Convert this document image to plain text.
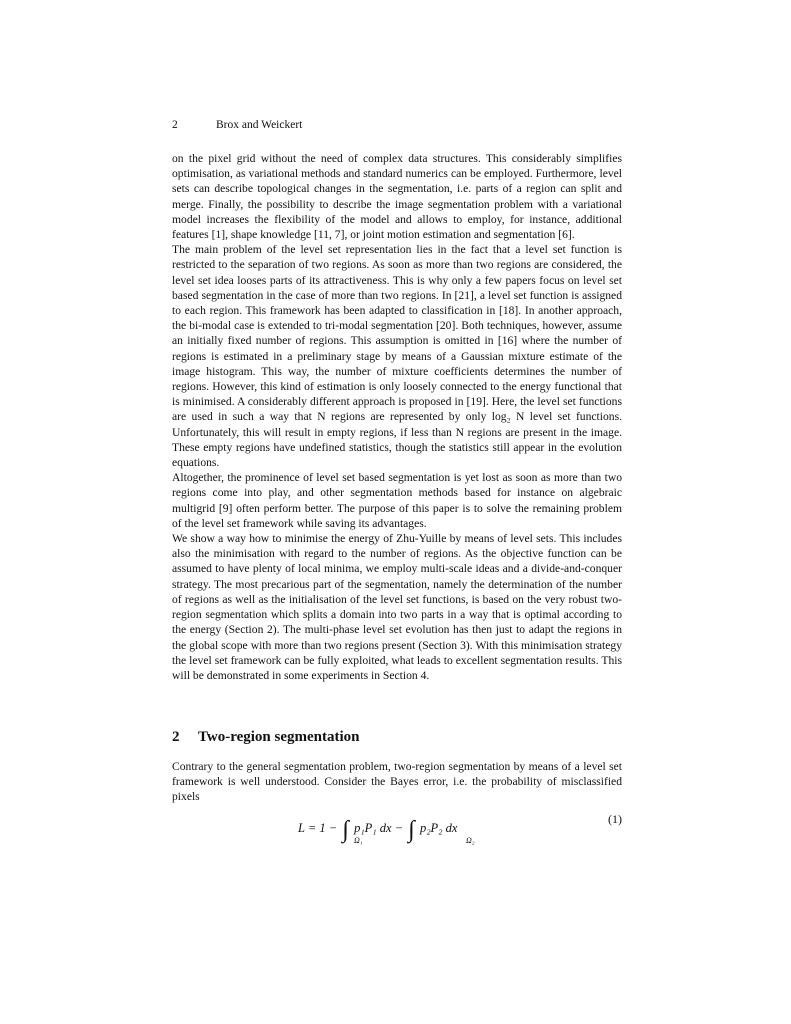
2	Brox and Weickert

on the pixel grid without the need of complex data structures. This considerably simplifies optimisation, as variational methods and standard numerics can be employed. Furthermore, level sets can describe topological changes in the segmentation, i.e. parts of a region can split and merge. Finally, the possibility to describe the image segmentation problem with a variational model increases the flexibility of the model and allows to employ, for instance, additional features [1], shape knowledge [11, 7], or joint motion estimation and segmentation [6].

The main problem of the level set representation lies in the fact that a level set function is restricted to the separation of two regions. As soon as more than two regions are considered, the level set idea looses parts of its attractiveness. This is why only a few papers focus on level set based segmentation in the case of more than two regions. In [21], a level set function is assigned to each region. This framework has been adapted to classification in [18]. In another approach, the bi-modal case is extended to tri-modal segmentation [20]. Both techniques, however, assume an initially fixed number of regions. This assumption is omitted in [16] where the number of regions is estimated in a preliminary stage by means of a Gaussian mixture estimate of the image histogram. This way, the number of mixture coefficients determines the number of regions. However, this kind of estimation is only loosely connected to the energy functional that is minimised. A considerably different approach is proposed in [19]. Here, the level set functions are used in such a way that N regions are represented by only log₂ N level set functions. Unfortunately, this will result in empty regions, if less than N regions are present in the image. These empty regions have undefined statistics, though the statistics still appear in the evolution equations.

Altogether, the prominence of level set based segmentation is yet lost as soon as more than two regions come into play, and other segmentation methods based for instance on algebraic multigrid [9] often perform better. The purpose of this paper is to solve the remaining problem of the level set framework while saving its advantages.

We show a way how to minimise the energy of Zhu-Yuille by means of level sets. This includes also the minimisation with regard to the number of regions. As the objective function can be assumed to have plenty of local minima, we employ multi-scale ideas and a divide-and-conquer strategy. The most precarious part of the segmentation, namely the determination of the number of regions as well as the initialisation of the level set functions, is based on the very robust two-region segmentation which splits a domain into two parts in a way that is optimal according to the energy (Section 2). The multi-phase level set evolution has then just to adapt the regions in the global scope with more than two regions present (Section 3). With this minimisation strategy the level set framework can be fully exploited, what leads to excellent segmentation results. This will be demonstrated in some experiments in Section 4.

2 Two-region segmentation

Contrary to the general segmentation problem, two-region segmentation by means of a level set framework is well understood. Consider the Bayes error, i.e. the probability of misclassified pixels

L = 1 − ∫ Ω₁
p₁P₁ dx − ∫	Ω₂
p₂P₂ dx
(1)
